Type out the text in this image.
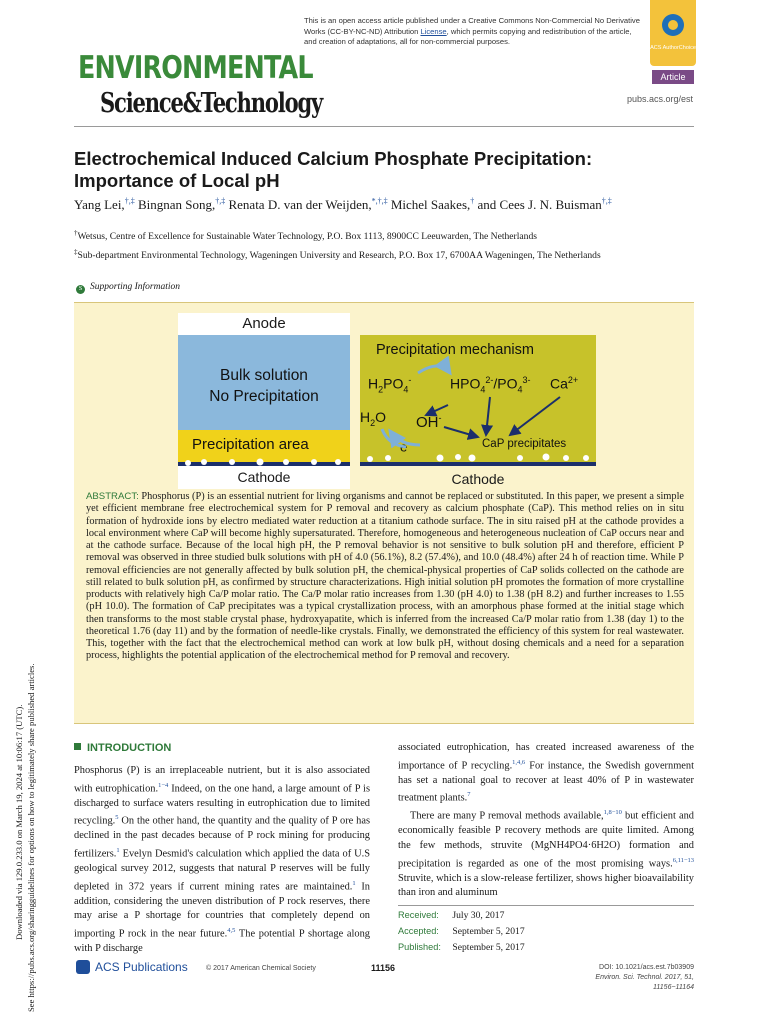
Downloaded via 129.0.233.0 on March 19, 2024 at 10:06:17 (UTC). See https://pubs.acs.org/sharingguidelines for options on how to legitimately share published articles.
This is an open access article published under a Creative Commons Non-Commercial No Derivative Works (CC-BY-NC-ND) Attribution License, which permits copying and redistribution of the article, and creation of adaptations, all for non-commercial purposes.
ACS AuthorChoice
ENVIRONMENTAL
Science&Technology
Article
pubs.acs.org/est
Electrochemical Induced Calcium Phosphate Precipitation: Importance of Local pH
Yang Lei,†,‡ Bingnan Song,†,‡ Renata D. van der Weijden,*,†,‡ Michel Saakes,† and Cees J. N. Buisman†,‡
†Wetsus, Centre of Excellence for Sustainable Water Technology, P.O. Box 1113, 8900CC Leeuwarden, The Netherlands
‡Sub-department Environmental Technology, Wageningen University and Research, P.O. Box 17, 6700AA Wageningen, The Netherlands
S Supporting Information
Anode
Bulk solution
No Precipitation
Precipitation area
Cathode
Precipitation mechanism
$H_2PO_4^-$	$HPO_4^{2-}/PO_4^{3-}$ $Ca^{2+}$
$H_2O$ OH-
e-	CaP precipitates
Cathode
ABSTRACT: Phosphorus (P) is an essential nutrient for living organisms and cannot be replaced or substituted. In this paper, we present a simple yet efficient membrane free electrochemical system for P removal and recovery as calcium phosphate (CaP). This method relies on in situ formation of hydroxide ions by electro mediated water reduction at a titanium cathode surface. The in situ raised pH at the cathode provides a local environment where CaP will become highly supersaturated. Therefore, homogeneous and heterogeneous nucleation of CaP occurs near and at the cathode surface. Because of the local high pH, the P removal behavior is not sensitive to bulk solution pH and therefore, efficient P removal was observed in three studied bulk solutions with pH of 4.0 (56.1%), 8.2 (57.4%), and 10.0 (48.4%) after 24 h of reaction time. While P removal efficiencies are not generally affected by bulk solution pH, the chemical-physical properties of CaP solids collected on the cathode are still related to bulk solution pH, as confirmed by structure characterizations. High initial solution pH promotes the formation of more crystalline products with relatively high Ca/P molar ratio. The Ca/P molar ratio increases from 1.30 (pH 4.0) to 1.38 (pH 8.2) and further increases to 1.55 (pH 10.0). The formation of CaP precipitates was a typical crystallization process, with an amorphous phase formed at the initial stage which then transforms to the most stable crystal phase, hydroxyapatite, which is inferred from the increased Ca/P molar ratio from 1.38 (day 1) to the theoretical 1.76 (day 11) and by the formation of needle-like crystals. Finally, we demonstrated the efficiency of this system for real wastewater. This, together with the fact that the electrochemical method can work at low bulk pH, without dosing chemicals and a need for a separation process, highlights the potential application of the electrochemical method for P removal and recovery.
INTRODUCTION
Phosphorus (P) is an irreplaceable nutrient, but it is also associated with eutrophication.$^{1-4}$ Indeed, on the one hand, a large amount of P is discharged to surface waters resulting in eutrophication due to limited recycling.$^5$ On the other hand, the quantity and the quality of P ore has declined in the past decades because of P rock mining for producing fertilizers.$^1$ Evelyn Desmid's calculation which applied the data of U.S geological survey 2012, suggests that natural P reserves will be fully depleted in 372 years if current mining rates are maintained.$^1$ In addition, considering the uneven distribution of P rock reserves, there may arise a P shortage for countries that completely depend on importing P rock in the near future.$^{4,5}$ The potential P shortage along with P discharge
associated eutrophication, has created increased awareness of the importance of P recycling.$^{1,4,6}$ For instance, the Swedish government has set a national goal to recover at least 40% of P in wastewater treatment plants.$^7$
There are many P removal methods available,$^{1,8-10}$ but efficient and economically feasible P recovery methods are quite limited. Among the few methods, struvite (MgNH4PO4·6H2O) formation and precipitation is regarded as one of the most promising ways.$^{6,11-13}$ Struvite, which is a slow-release fertilizer, shows higher bioavailability than iron and aluminum
Received: July 30, 2017
Accepted: September 5, 2017
Published: September 5, 2017
ACS Publications	© 2017 American Chemical Society	11156	DOI: 10.1021/acs.est.7b03909
Environ. Sci. Technol. 2017, 51, 11156−11164
